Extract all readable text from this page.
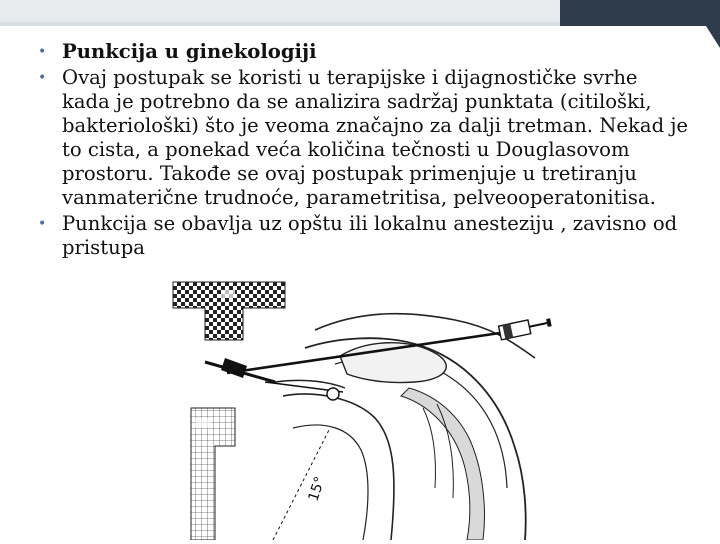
• Punkcija u ginekologiji
• Ovaj postupak se koristi u terapijske i dijagnostičke svrhe kada je potrebno da se analizira sadržaj punktata (citiloški, bakteriološki) što je veoma značajno za dalji tretman. Nekad je to cista, a ponekad veća količina tečnosti u Douglasovom prostoru. Takođe se ovaj postupak primenjuje u tretiranju vanmaterične trudnoće, parametritisa, pelveooperatonitisa.
• Punkcija se obavlja uz opštu ili lokalnu anesteziju , zavisno od pristupa
15°
